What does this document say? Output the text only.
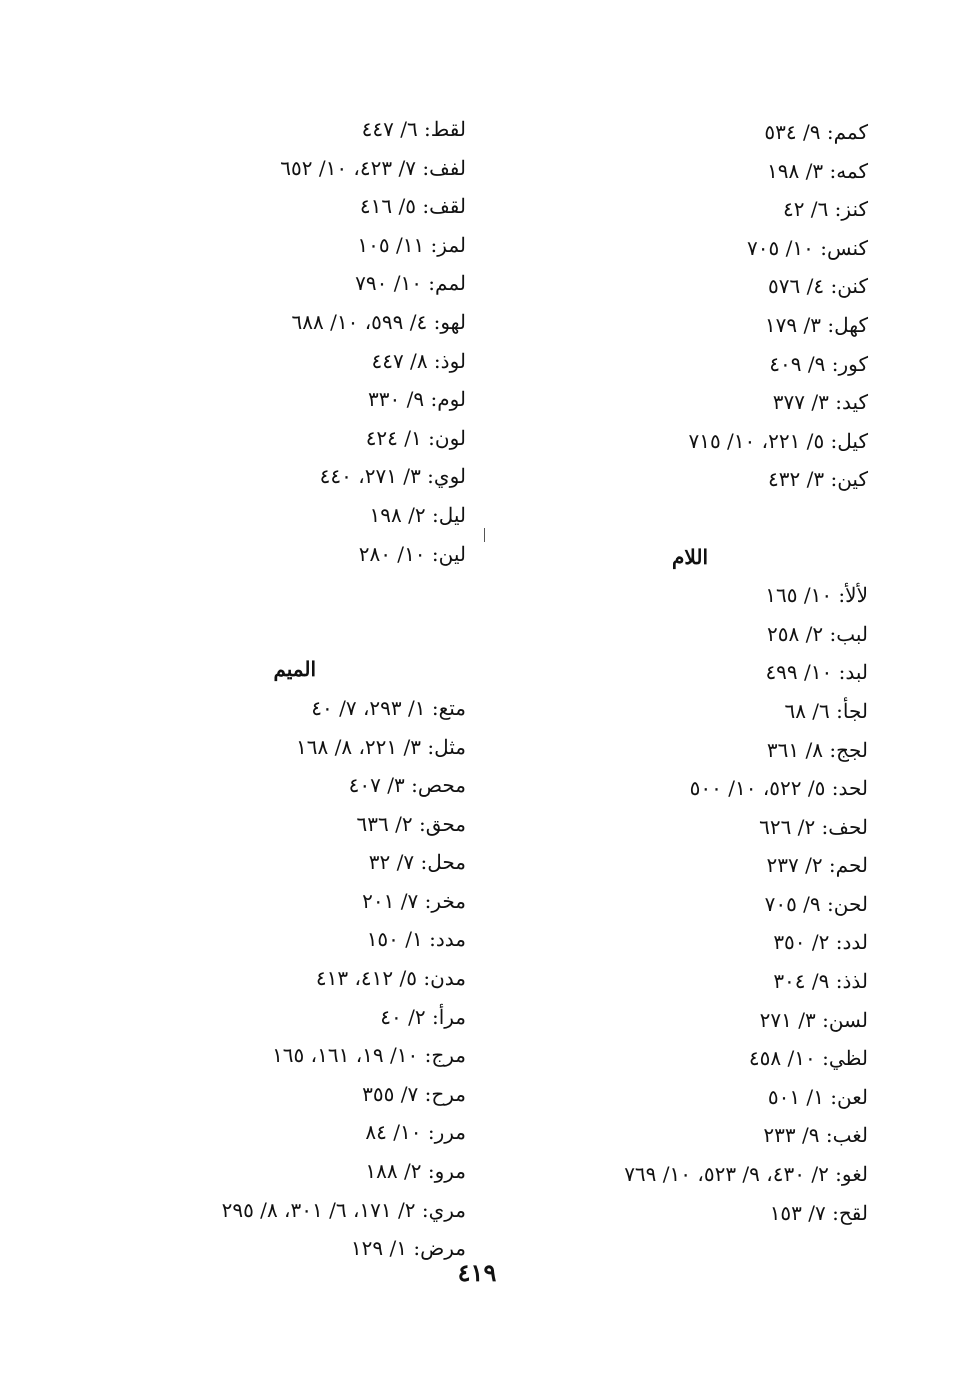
كمم: ٩/ ٥٣٤
كمه: ٣/ ١٩٨
كنز: ٦/ ٤٢
كنس: ١٠/ ٧٠٥
كنن: ٤/ ٥٧٦
كهل: ٣/ ١٧٩
كور: ٩/ ٤٠٩
كيد: ٣/ ٣٧٧
كيل: ٥/ ٢٢١، ١٠/ ٧١٥
كين: ٣/ ٤٣٢
اللام
لألأ: ١٠/ ١٦٥
لبب: ٢/ ٢٥٨
لبد: ١٠/ ٤٩٩
لجأ: ٦/ ٦٨
لجج: ٨/ ٣٦١
لحد: ٥/ ٥٢٢، ١٠/ ٥٠٠
لحف: ٢/ ٦٢٦
لحم: ٢/ ٢٣٧
لحن: ٩/ ٧٠٥
لدد: ٢/ ٣٥٠
لذذ: ٩/ ٣٠٤
لسن: ٣/ ٢٧١
لظي: ١٠/ ٤٥٨
لعن: ١/ ٥٠١
لغب: ٩/ ٢٣٣
لغو: ٢/ ٤٣٠، ٩/ ٥٢٣، ١٠/ ٧٦٩
لقح: ٧/ ١٥٣
لقط: ٦/ ٤٤٧
لفف: ٧/ ٤٢٣، ١٠/ ٦٥٢
لقف: ٥/ ٤١٦
لمز: ١١/ ١٠٥
لمم: ١٠/ ٧٩٠
لهو: ٤/ ٥٩٩، ١٠/ ٦٨٨
لوذ: ٨/ ٤٤٧
لوم: ٩/ ٣٣٠
لون: ١/ ٤٢٤
لوي: ٣/ ٢٧١، ٤٤٠
ليل: ٢/ ١٩٨
لين: ١٠/ ٢٨٠
الميم
متع: ١/ ٢٩٣، ٧/ ٤٠
مثل: ٣/ ٢٢١، ٨/ ١٦٨
محص: ٣/ ٤٠٧
محق: ٢/ ٦٣٦
محل: ٧/ ٣٢
مخر: ٧/ ٢٠١
مدد: ١/ ١٥٠
مدن: ٥/ ٤١٢، ٤١٣
مرأ: ٢/ ٤٠
مرج: ١٠/ ١٩، ١٦١، ١٦٥
مرح: ٧/ ٣٥٥
مرر: ١٠/ ٨٤
مرو: ٢/ ١٨٨
مري: ٢/ ١٧١، ٦/ ٣٠١، ٨/ ٢٩٥
مرض: ١/ ١٢٩
٤١٩
